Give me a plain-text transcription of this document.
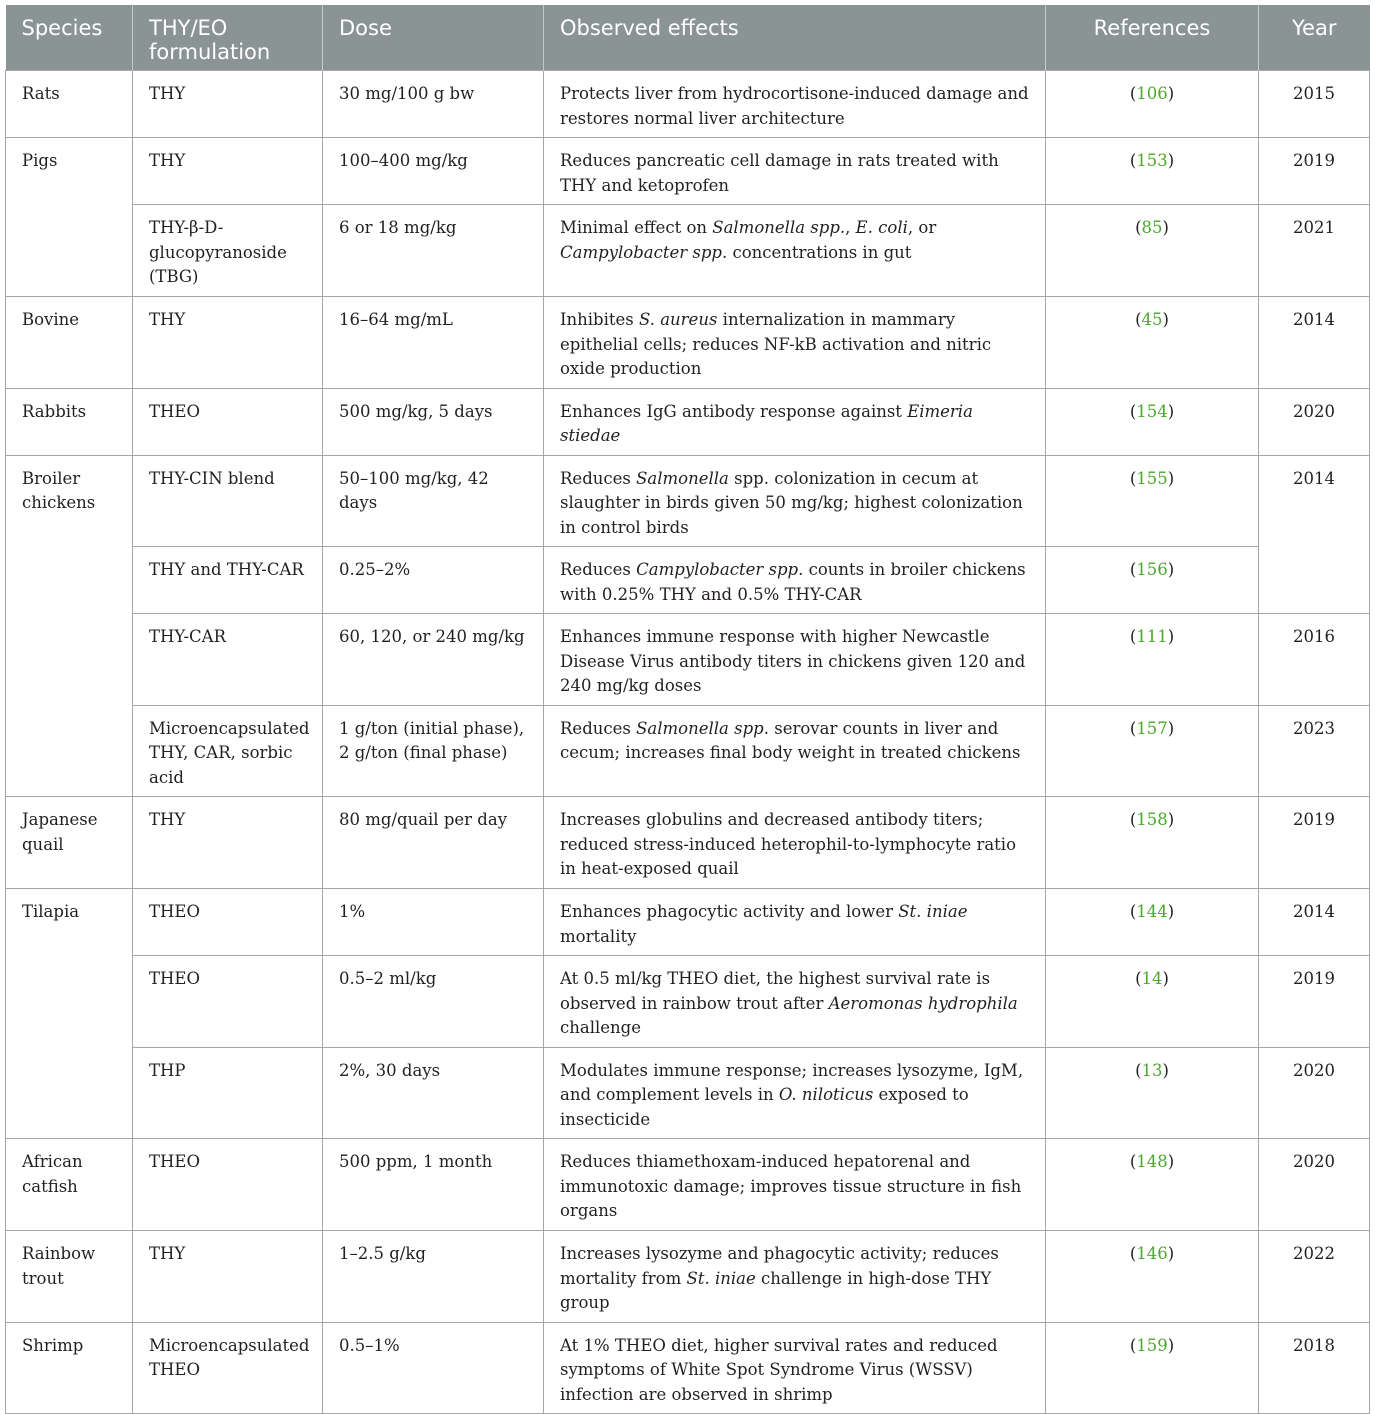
Species	THY/EO formulation	Dose	Observed effects	References	Year
Rats	THY	30 mg/100 g bw	Protects liver from hydrocortisone-induced damage and restores normal liver architecture	(106)	2015
Pigs	THY	100–400 mg/kg	Reduces pancreatic cell damage in rats treated with THY and ketoprofen	(153)	2019
	THY-β-D-glucopyranoside (TBG)	6 or 18 mg/kg	Minimal effect on Salmonella spp., E. coli, or Campylobacter spp. concentrations in gut	(85)	2021
Bovine	THY	16–64 mg/mL	Inhibites S. aureus internalization in mammary epithelial cells; reduces NF-kB activation and nitric oxide production	(45)	2014
Rabbits	THEO	500 mg/kg, 5 days	Enhances IgG antibody response against Eimeria stiedae	(154)	2020
Broiler chickens	THY-CIN blend	50–100 mg/kg, 42 days	Reduces Salmonella spp. colonization in cecum at slaughter in birds given 50 mg/kg; highest colonization in control birds	(155)	2014
	THY and THY-CAR	0.25–2%	Reduces Campylobacter spp. counts in broiler chickens with 0.25% THY and 0.5% THY-CAR	(156)	
	THY-CAR	60, 120, or 240 mg/kg	Enhances immune response with higher Newcastle Disease Virus antibody titers in chickens given 120 and 240 mg/kg doses	(111)	2016
	Microencapsulated THY, CAR, sorbic acid	1 g/ton (initial phase), 2 g/ton (final phase)	Reduces Salmonella spp. serovar counts in liver and cecum; increases final body weight in treated chickens	(157)	2023
Japanese quail	THY	80 mg/quail per day	Increases globulins and decreased antibody titers; reduced stress-induced heterophil-to-lymphocyte ratio in heat-exposed quail	(158)	2019
Tilapia	THEO	1%	Enhances phagocytic activity and lower St. iniae mortality	(144)	2014
	THEO	0.5–2 ml/kg	At 0.5 ml/kg THEO diet, the highest survival rate is observed in rainbow trout after Aeromonas hydrophila challenge	(14)	2019
	THP	2%, 30 days	Modulates immune response; increases lysozyme, IgM, and complement levels in O. niloticus exposed to insecticide	(13)	2020
African catfish	THEO	500 ppm, 1 month	Reduces thiamethoxam-induced hepatorenal and immunotoxic damage; improves tissue structure in fish organs	(148)	2020
Rainbow trout	THY	1–2.5 g/kg	Increases lysozyme and phagocytic activity; reduces mortality from St. iniae challenge in high-dose THY group	(146)	2022
Shrimp	Microencapsulated THEO	0.5–1%	At 1% THEO diet, higher survival rates and reduced symptoms of White Spot Syndrome Virus (WSSV) infection are observed in shrimp	(159)	2018
